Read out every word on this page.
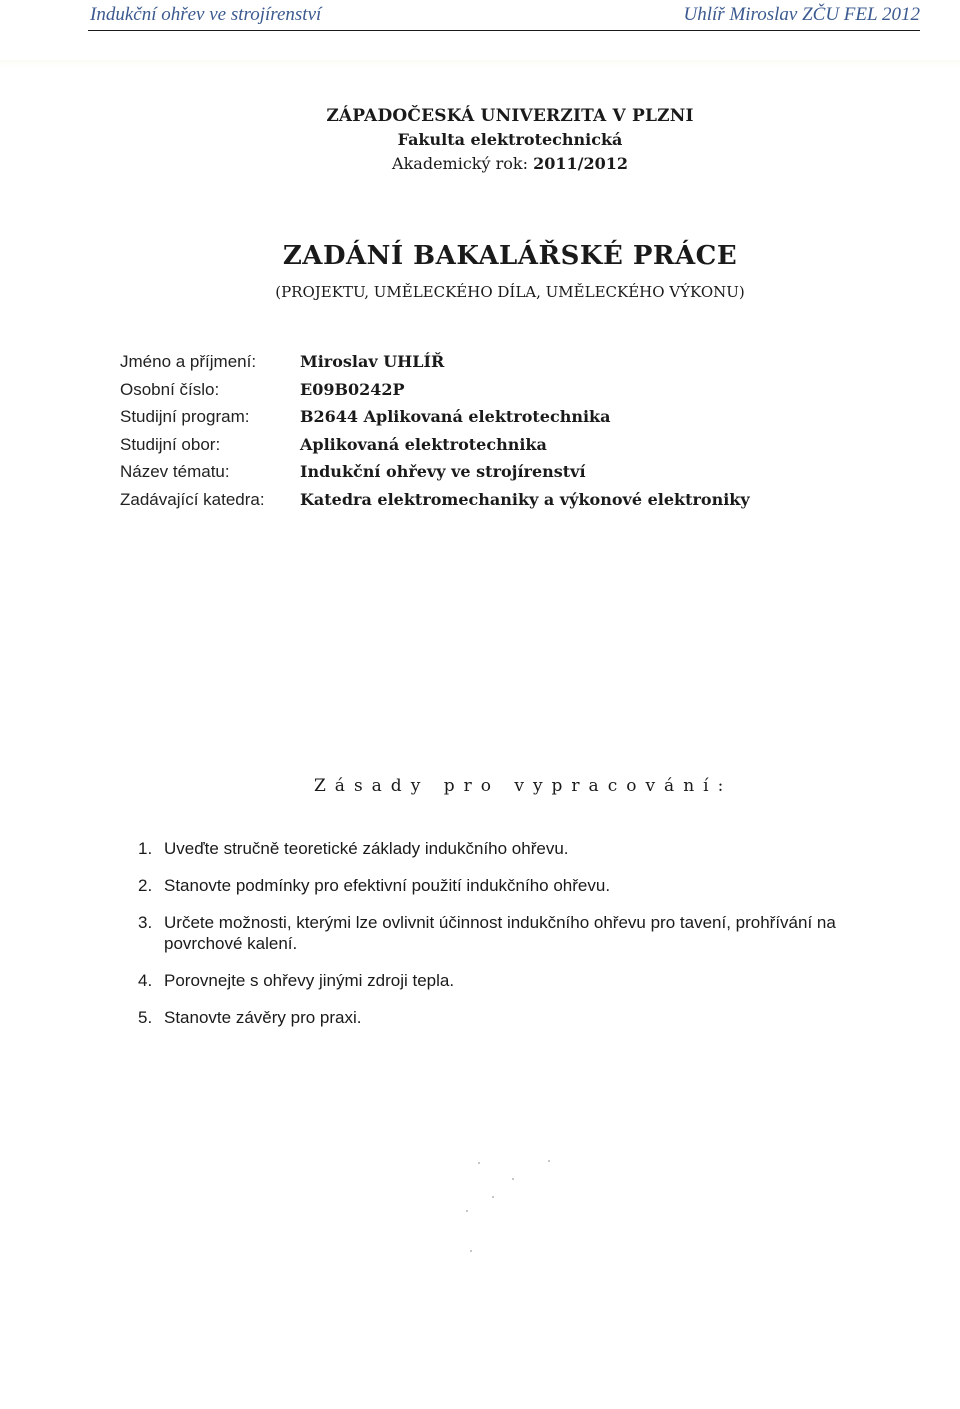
Indukční ohřev ve strojírenství	Uhlíř Miroslav ZČU FEL 2012
ZÁPADOČESKÁ UNIVERZITA V PLZNI
Fakulta elektrotechnická
Akademický rok: 2011/2012
ZADÁNÍ BAKALÁŘSKÉ PRÁCE
(PROJEKTU, UMĚLECKÉHO DÍLA, UMĚLECKÉHO VÝKONU)
Jméno a příjmení:	Miroslav UHLÍŘ
Osobní číslo:	E09B0242P
Studijní program:	B2644 Aplikovaná elektrotechnika
Studijní obor:	Aplikovaná elektrotechnika
Název tématu:	Indukční ohřevy ve strojírenství
Zadávající katedra: Katedra elektromechaniky a výkonové elektroniky
Zásady pro vypracování:
1. Uveďte stručně teoretické základy indukčního ohřevu.
2. Stanovte podmínky pro efektivní použití indukčního ohřevu.
3. Určete možnosti, kterými lze ovlivnit účinnost indukčního ohřevu pro tavení, prohřívání na povrchové kalení.
4. Porovnejte s ohřevy jinými zdroji tepla.
5. Stanovte závěry pro praxi.
